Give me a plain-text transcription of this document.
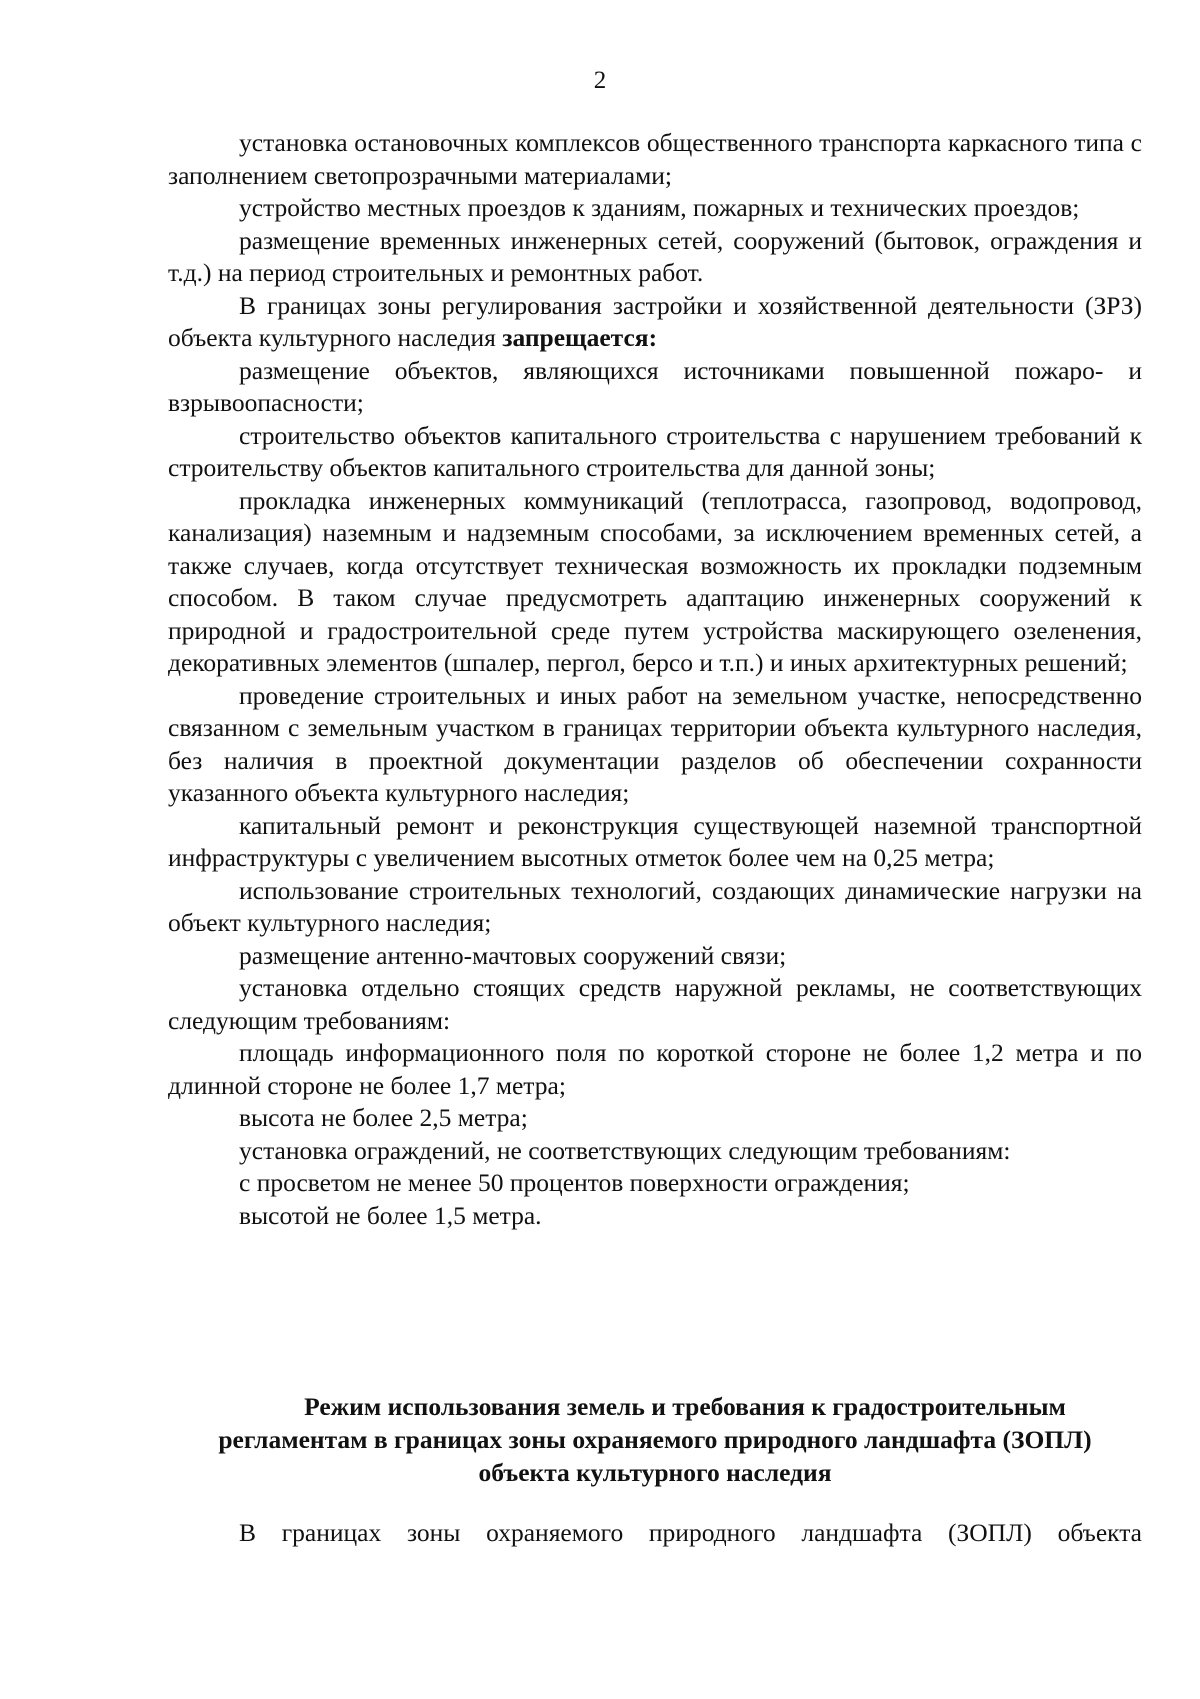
2

установка остановочных комплексов общественного транспорта каркасного типа с заполнением светопрозрачными материалами;

устройство местных проездов к зданиям, пожарных и технических проездов;

размещение временных инженерных сетей, сооружений (бытовок, ограждения и т.д.) на период строительных и ремонтных работ.

В границах зоны регулирования застройки и хозяйственной деятельности (ЗРЗ) объекта культурного наследия запрещается:

размещение объектов, являющихся источниками повышенной пожаро- и взрывоопасности;

строительство объектов капитального строительства с нарушением требований к строительству объектов капитального строительства для данной зоны;

прокладка инженерных коммуникаций (теплотрасса, газопровод, водопровод, канализация) наземным и надземным способами, за исключением временных сетей, а также случаев, когда отсутствует техническая возможность их прокладки подземным способом. В таком случае предусмотреть адаптацию инженерных сооружений к природной и градостроительной среде путем устройства маскирующего озеленения, декоративных элементов (шпалер, пергол, берсо и т.п.) и иных архитектурных решений;

проведение строительных и иных работ на земельном участке, непосредственно связанном с земельным участком в границах территории объекта культурного наследия, без наличия в проектной документации разделов об обеспечении сохранности указанного объекта культурного наследия;

капитальный ремонт и реконструкция существующей наземной транспортной инфраструктуры с увеличением высотных отметок более чем на 0,25 метра;

использование строительных технологий, создающих динамические нагрузки на объект культурного наследия;

размещение антенно-мачтовых сооружений связи;

установка отдельно стоящих средств наружной рекламы, не соответствующих следующим требованиям:

площадь информационного поля по короткой стороне не более 1,2 метра и по длинной стороне не более 1,7 метра;

высота не более 2,5 метра;

установка ограждений, не соответствующих следующим требованиям:

с просветом не менее 50 процентов поверхности ограждения;

высотой не более 1,5 метра.

Режим использования земель и требования к градостроительным
регламентам в границах зоны охраняемого природного ландшафта (ЗОПЛ)
объекта культурного наследия

В границах зоны охраняемого природного ландшафта (ЗОПЛ) объекта
